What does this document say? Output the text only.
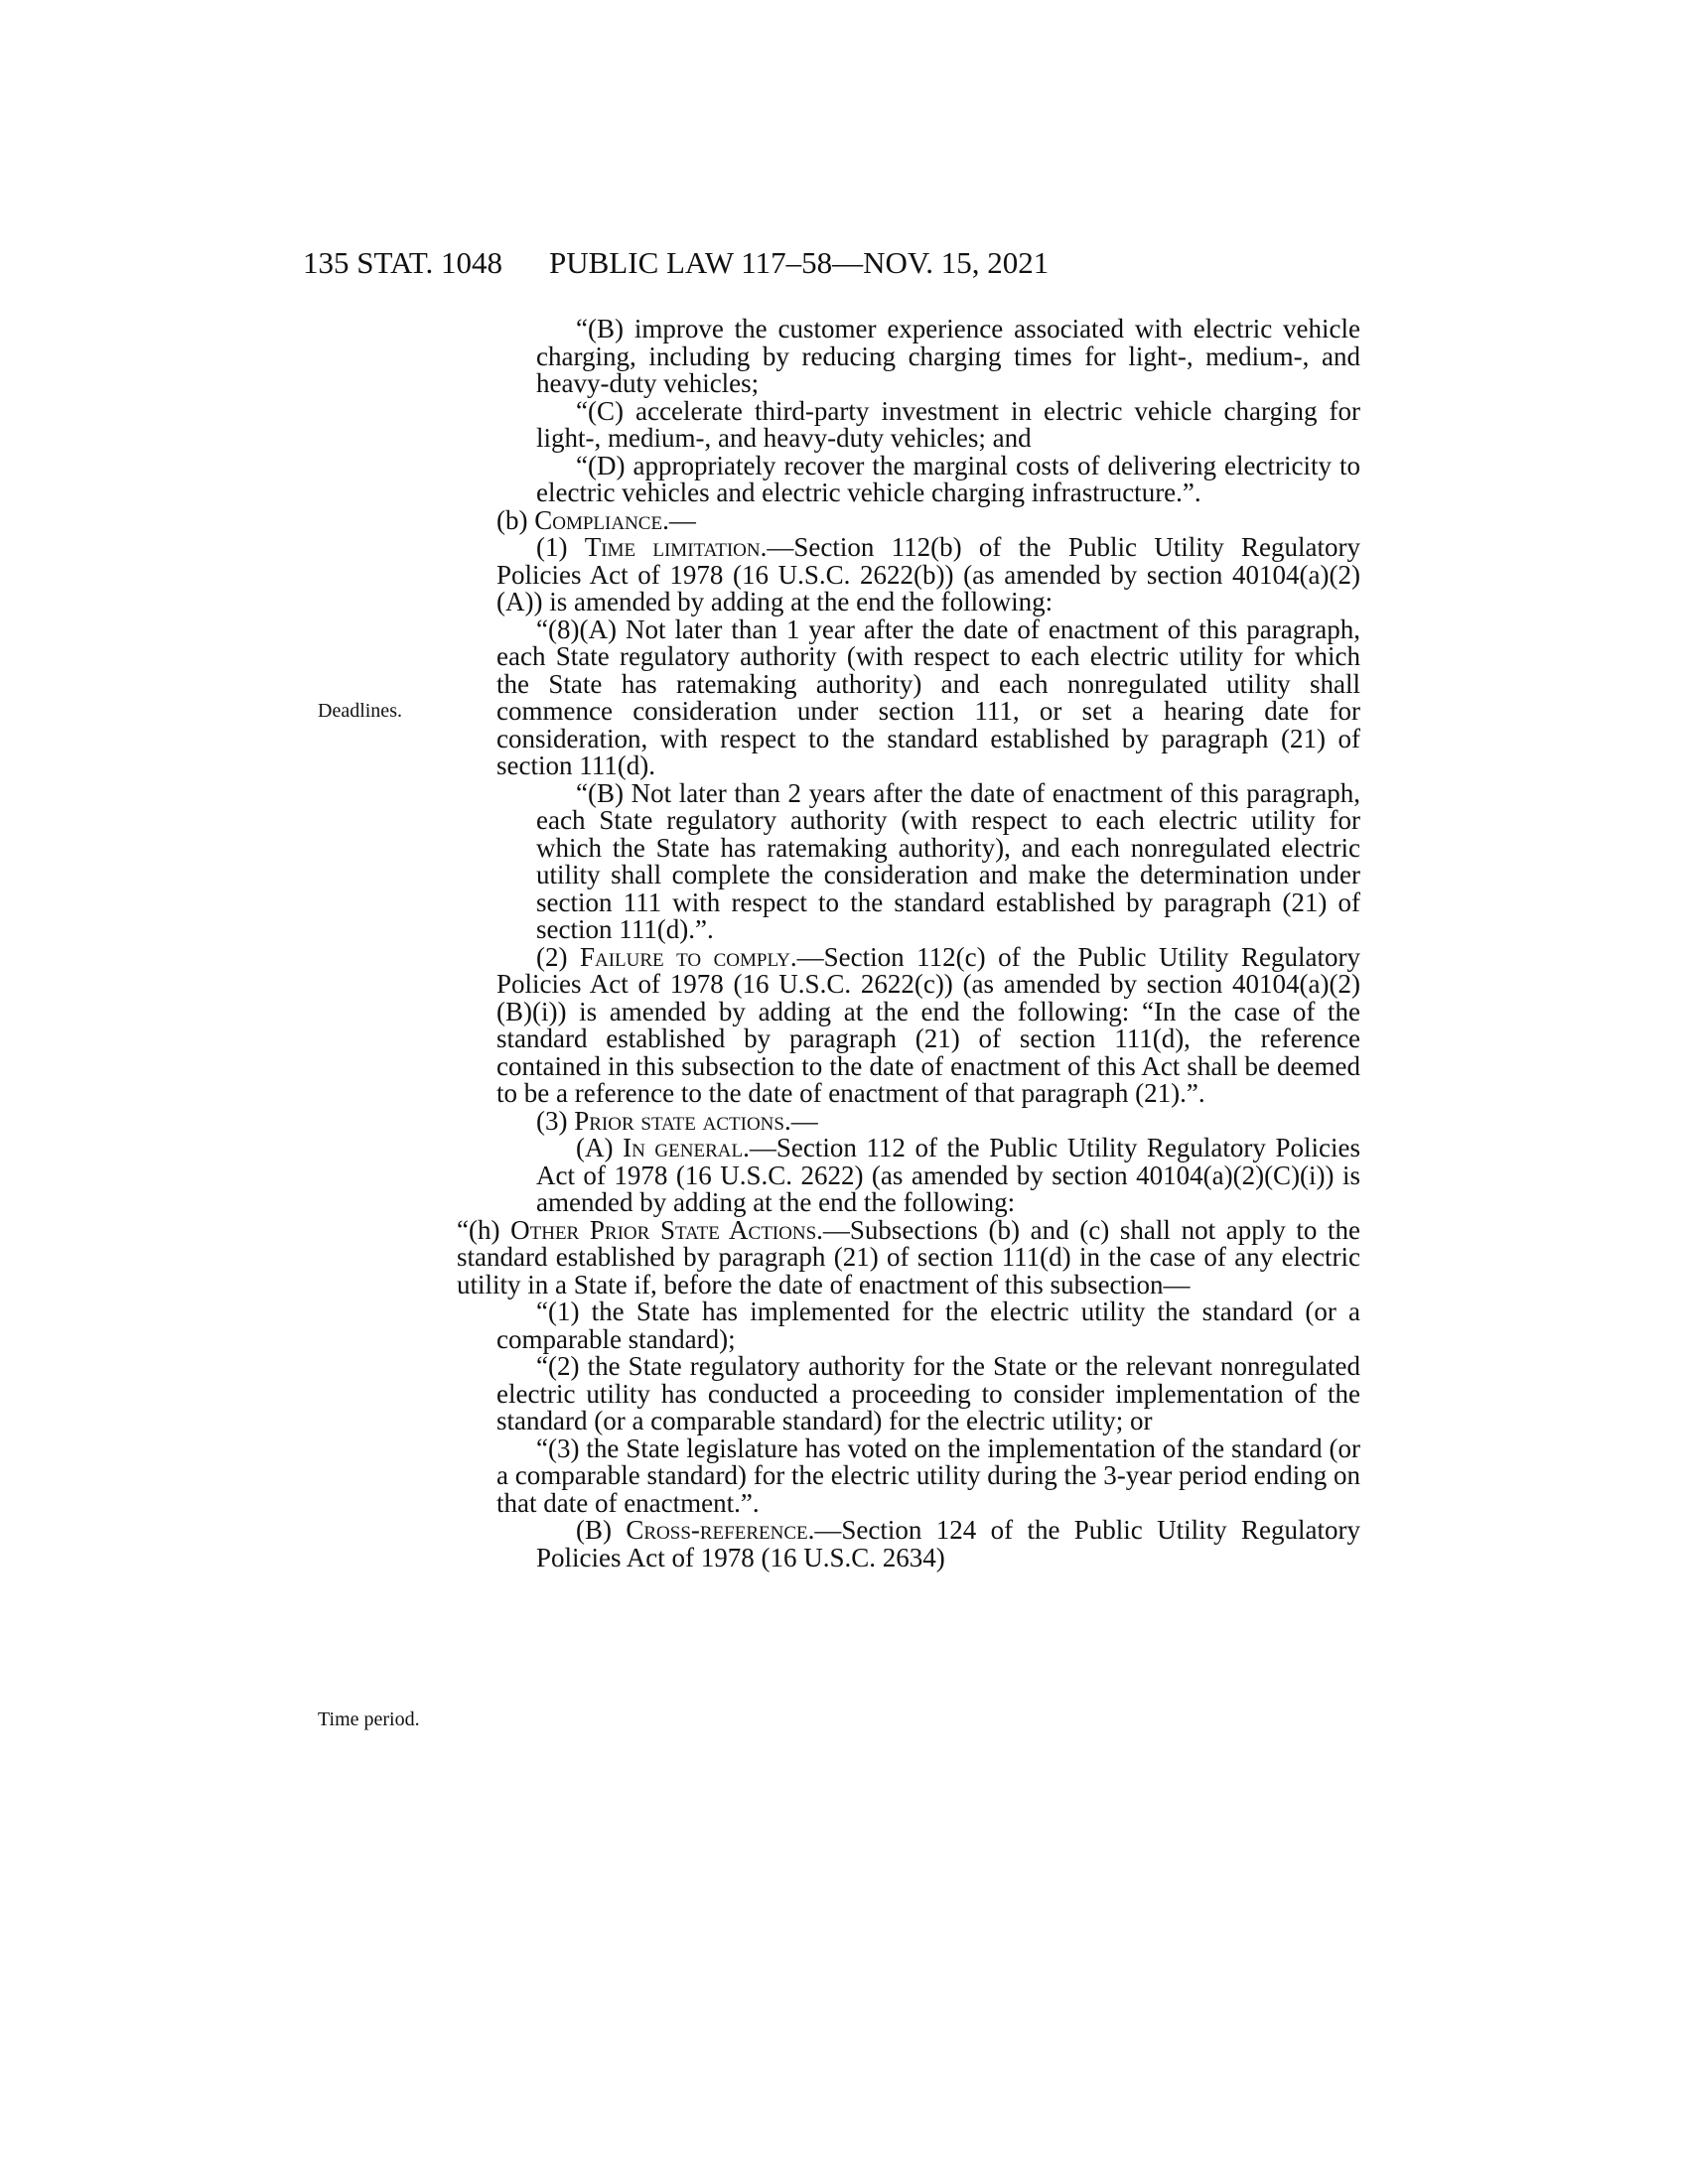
135 STAT. 1048 PUBLIC LAW 117–58—NOV. 15, 2021
Deadlines.
Time period.

“(B) improve the customer experience associated with electric vehicle charging, including by reducing charging times for light-, medium-, and heavy-duty vehicles;

“(C) accelerate third-party investment in electric vehicle charging for light-, medium-, and heavy-duty vehicles; and

“(D) appropriately recover the marginal costs of delivering electricity to electric vehicles and electric vehicle charging infrastructure.”.

(b) Compliance.—

(1) Time limitation.—Section 112(b) of the Public Utility Regulatory Policies Act of 1978 (16 U.S.C. 2622(b)) (as amended by section 40104(a)(2)(A)) is amended by adding at the end the following:

“(8)(A) Not later than 1 year after the date of enactment of this paragraph, each State regulatory authority (with respect to each electric utility for which the State has ratemaking authority) and each nonregulated utility shall commence consideration under section 111, or set a hearing date for consideration, with respect to the standard established by paragraph (21) of section 111(d).

“(B) Not later than 2 years after the date of enactment of this paragraph, each State regulatory authority (with respect to each electric utility for which the State has ratemaking authority), and each nonregulated electric utility shall complete the consideration and make the determination under section 111 with respect to the standard established by paragraph (21) of section 111(d).”.

(2) Failure to comply.—Section 112(c) of the Public Utility Regulatory Policies Act of 1978 (16 U.S.C. 2622(c)) (as amended by section 40104(a)(2)(B)(i)) is amended by adding at the end the following: “In the case of the standard established by paragraph (21) of section 111(d), the reference contained in this subsection to the date of enactment of this Act shall be deemed to be a reference to the date of enactment of that paragraph (21).”.

(3) Prior state actions.—

(A) In general.—Section 112 of the Public Utility Regulatory Policies Act of 1978 (16 U.S.C. 2622) (as amended by section 40104(a)(2)(C)(i)) is amended by adding at the end the following:

“(h) Other Prior State Actions.—Subsections (b) and (c) shall not apply to the standard established by paragraph (21) of section 111(d) in the case of any electric utility in a State if, before the date of enactment of this subsection—

“(1) the State has implemented for the electric utility the standard (or a comparable standard);

“(2) the State regulatory authority for the State or the relevant nonregulated electric utility has conducted a proceeding to consider implementation of the standard (or a comparable standard) for the electric utility; or

“(3) the State legislature has voted on the implementation of the standard (or a comparable standard) for the electric utility during the 3-year period ending on that date of enactment.”.

(B) Cross-reference.—Section 124 of the Public Utility Regulatory Policies Act of 1978 (16 U.S.C. 2634)
